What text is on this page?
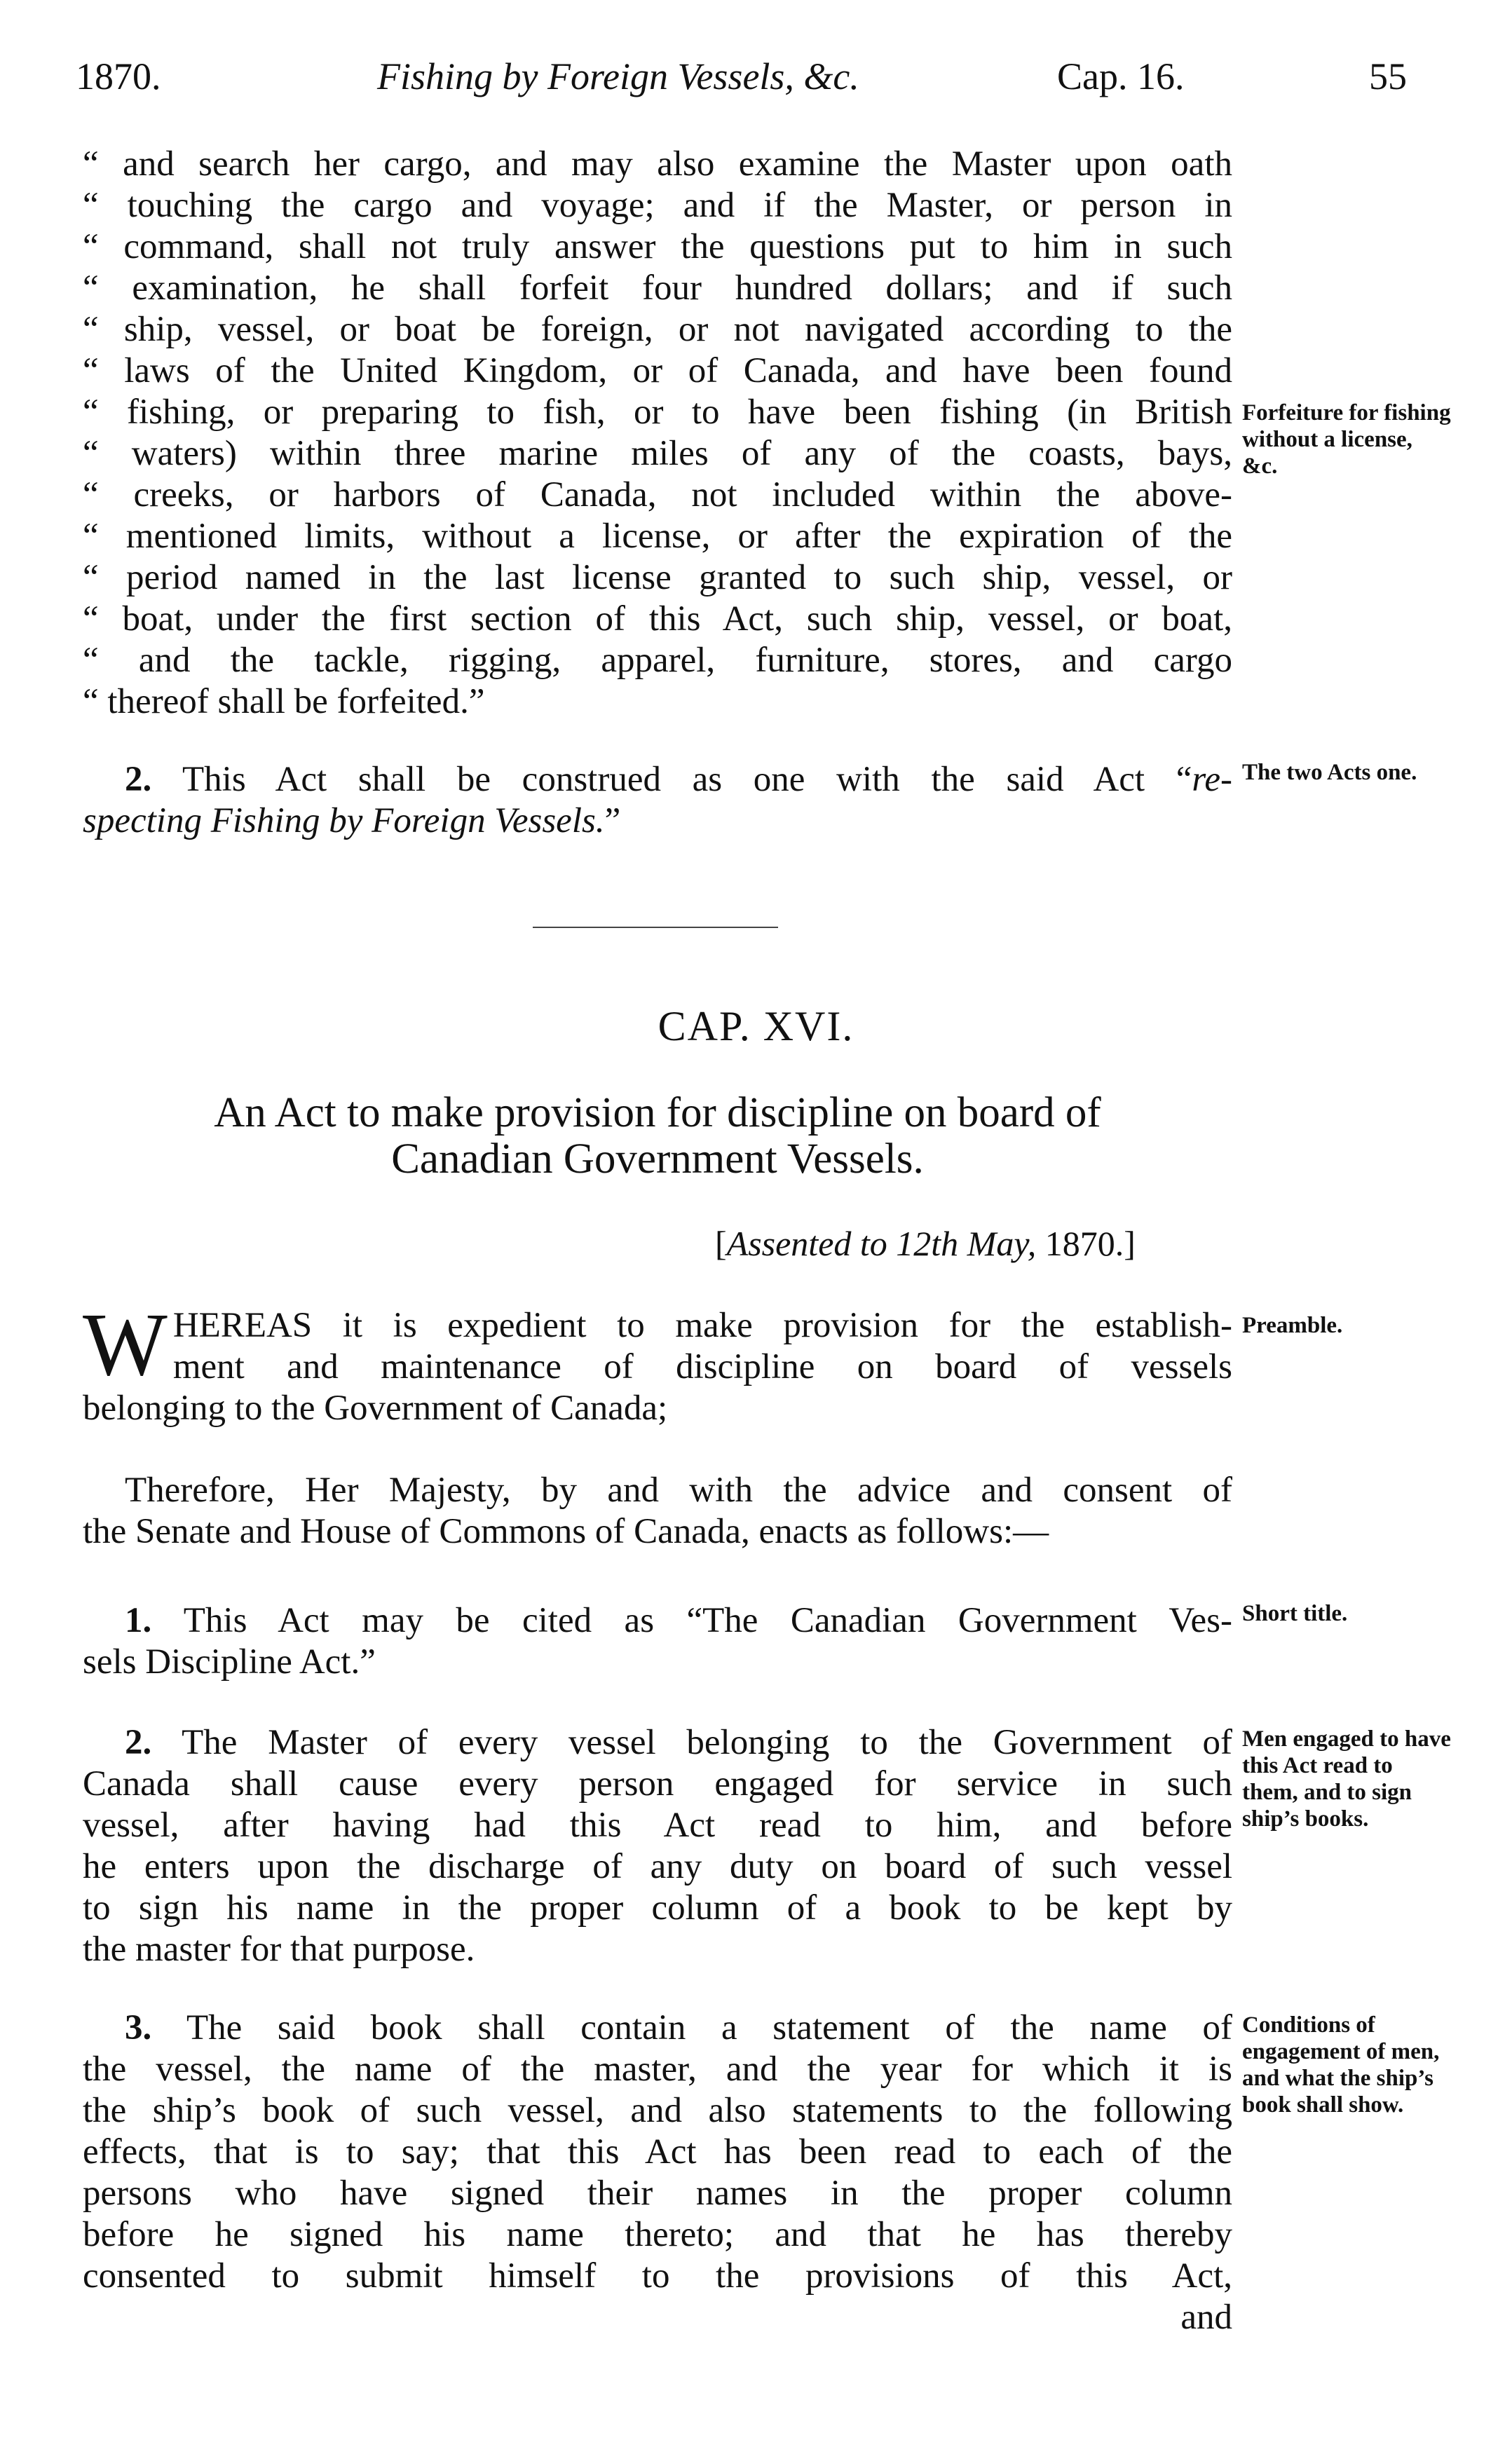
1870.	Fishing by Foreign Vessels, &c.	Cap. 16.	55
“ and search her cargo, and may also examine the Master upon oath
“ touching the cargo and voyage; and if the Master, or person in
“ command, shall not truly answer the questions put to him in such
“ examination, he shall forfeit four hundred dollars; and if such
“ ship, vessel, or boat be foreign, or not navigated according to the
“ laws of the United Kingdom, or of Canada, and have been found
“ fishing, or preparing to fish, or to have been fishing (in British
“ waters) within three marine miles of any of the coasts, bays,
“ creeks, or harbors of Canada, not included within the above-
“ mentioned limits, without a license, or after the expiration of the
“ period named in the last license granted to such ship, vessel, or
“ boat, under the first section of this Act, such ship, vessel, or boat,
“ and the tackle, rigging, apparel, furniture, stores, and cargo
“ thereof shall be forfeited.”
Forfeiture for fishing without a license, &c.
2. This Act shall be construed as one with the said Act “re-
specting Fishing by Foreign Vessels.”
The two Acts one.
CAP. XVI.
An Act to make provision for discipline on board of
Canadian Government Vessels.
[Assented to 12th May, 1870.]
W HEREAS it is expedient to make provision for the establish-
ment and maintenance of discipline on board of vessels
belonging to the Government of Canada;
Preamble.
Therefore, Her Majesty, by and with the advice and consent of
the Senate and House of Commons of Canada, enacts as follows:—
1. This Act may be cited as “The Canadian Government Ves-
sels Discipline Act.”
Short title.
2. The Master of every vessel belonging to the Government of
Canada shall cause every person engaged for service in such
vessel, after having had this Act read to him, and before
he enters upon the discharge of any duty on board of such vessel
to sign his name in the proper column of a book to be kept by
the master for that purpose.
Men engaged to have this Act read to them, and to sign ship’s books.
3. The said book shall contain a statement of the name of
the vessel, the name of the master, and the year for which it is
the ship’s book of such vessel, and also statements to the following
effects, that is to say; that this Act has been read to each of the
persons who have signed their names in the proper column
before he signed his name thereto; and that he has thereby
consented to submit himself to the provisions of this Act,
and
Conditions of engagement of men, and what the ship’s book shall show.
